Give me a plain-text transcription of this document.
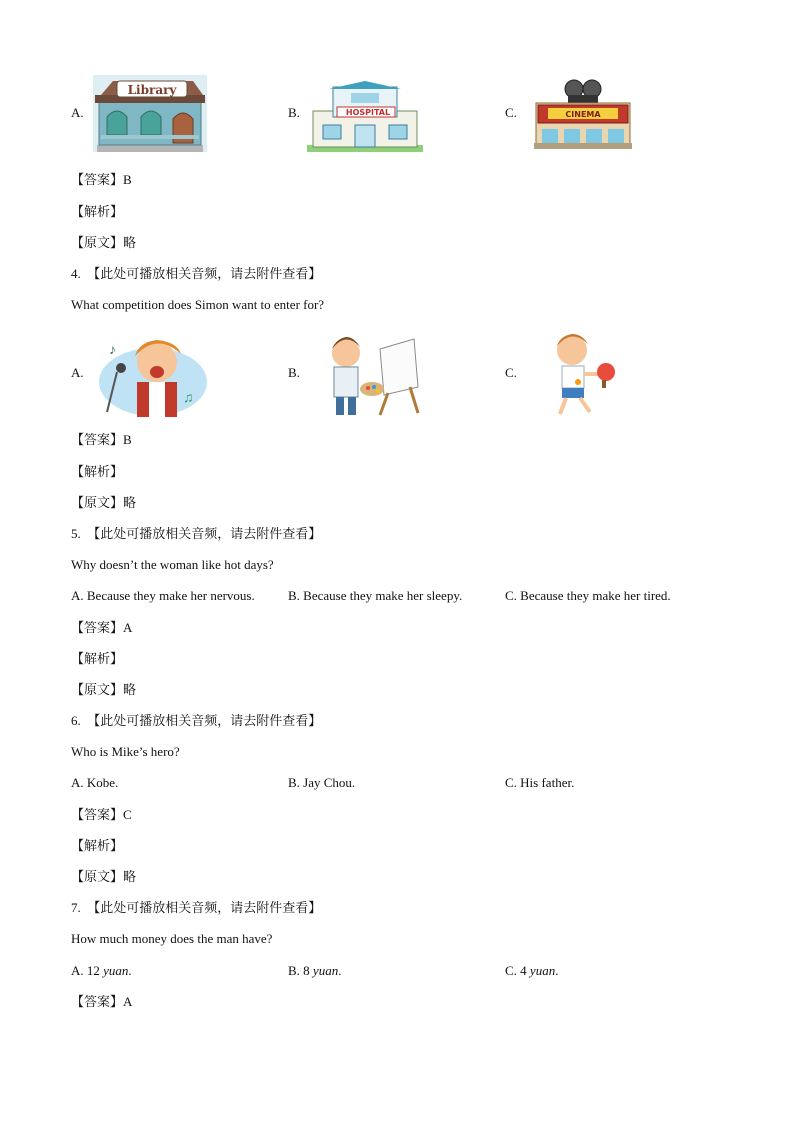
A.
Library
B.	HOSPITAL	C.	CINEMA
【答案】B
【解析】
【原文】略
4. 【此处可播放相关音频，请去附件查看】
What competition does Simon want to enter for?
A.
♪
♫
B.	C.
【答案】B
【解析】
【原文】略
5. 【此处可播放相关音频，请去附件查看】
Why doesn’t the woman like hot days?
A. Because they make her nervous.	B. Because they make her sleepy.	C. Because they make her tired.
【答案】A
【解析】
【原文】略
6. 【此处可播放相关音频，请去附件查看】
Who is Mike’s hero?
A. Kobe.	B. Jay Chou.	C. His father.
【答案】C
【解析】
【原文】略
7. 【此处可播放相关音频，请去附件查看】
How much money does the man have?
A. 12 yuan.	B. 8 yuan.	C. 4 yuan.
【答案】A
